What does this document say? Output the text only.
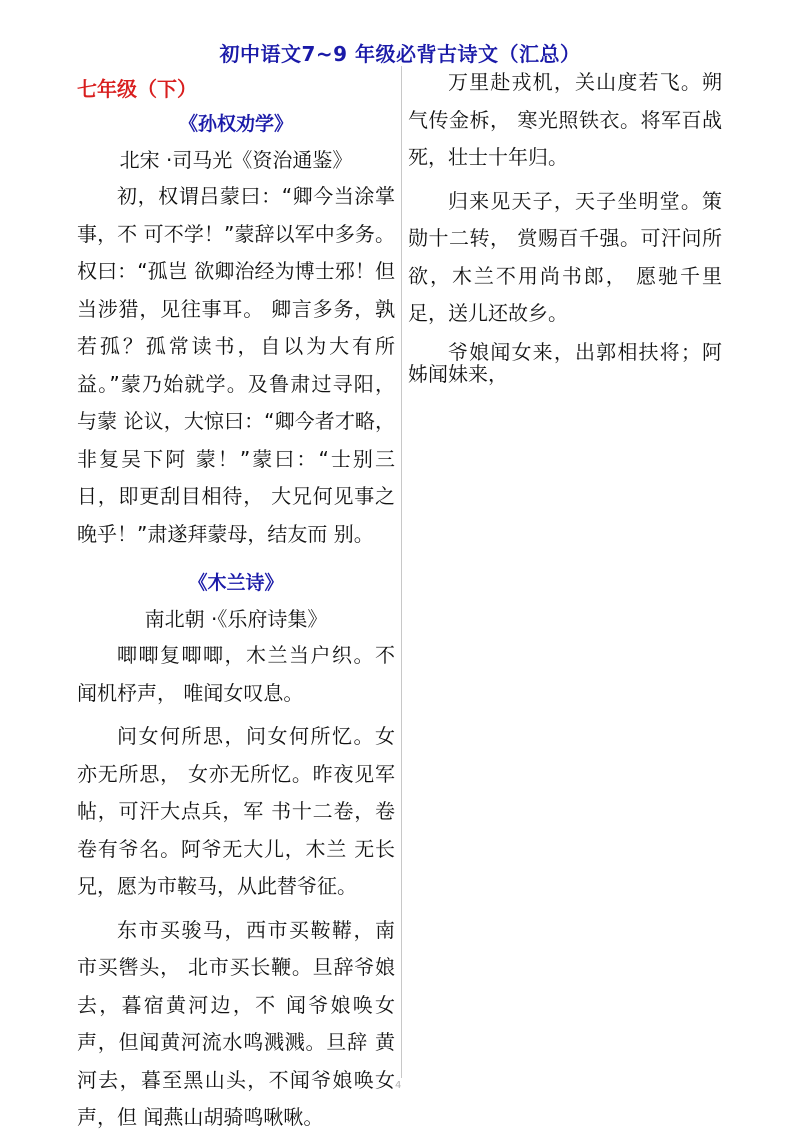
初中语文7~9 年级必背古诗文（汇总）

七年级（下）

《孙权劝学》

北宋 ·司马光《资治通鉴》

初，权谓吕蒙曰：“卿今当涂掌事，不 可不学！”蒙辞以军中多务。权曰：“孤岂 欲卿治经为博士邪！但当涉猎，见往事耳。 卿言多务，孰若孤？孤常读书，自以为大有所益。”蒙乃始就学。及鲁肃过寻阳，与蒙 论议，大惊曰：“卿今者才略，非复吴下阿 蒙！”蒙曰：“士别三日，即更刮目相待， 大兄何见事之晚乎！”肃遂拜蒙母，结友而 别。

《木兰诗》

南北朝 ·《乐府诗集》

唧唧复唧唧，木兰当户织。不闻机杼声， 唯闻女叹息。

问女何所思，问女何所忆。女亦无所思， 女亦无所忆。昨夜见军帖，可汗大点兵，军 书十二卷，卷卷有爷名。阿爷无大儿，木兰 无长兄，愿为市鞍马，从此替爷征。

东市买骏马，西市买鞍鞯，南市买辔头， 北市买长鞭。旦辞爷娘去，暮宿黄河边，不 闻爷娘唤女声，但闻黄河流水鸣溅溅。旦辞 黄河去，暮至黑山头，不闻爷娘唤女声，但 闻燕山胡骑鸣啾啾。

万里赴戎机，关山度若飞。朔气传金柝， 寒光照铁衣。将军百战死，壮士十年归。

归来见天子，天子坐明堂。策勋十二转， 赏赐百千强。可汗问所欲，木兰不用尚书郎， 愿驰千里足，送儿还故乡。

爷娘闻女来，出郭相扶将；阿姊闻妹来，

4
